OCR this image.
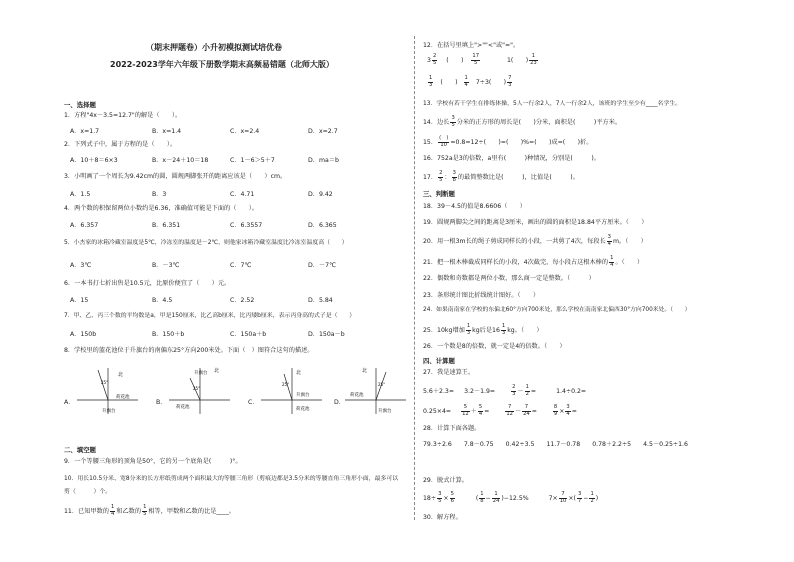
（期末押题卷）小升初模拟测试培优卷
2022-2023学年六年级下册数学期末高频易错题（北师大版）
一、选择题
1．方程"4x－3.5=12.7"的解是（　　）。
A．x=1.7	B．x=1.4	C．x=2.4	D．x=2.7
2．下列式子中，属于方程的是（　　）。
A．10＋8＝6×3	B．x－24＋10＝18	C．1－6＞5＋7	D．ma＝b
3．小明画了一个周长为9.42cm的圆，圆规两脚张开的距离应该是（　　）cm。
A．1.5	B．3	C．4.71	D．9.42
4．两个数的积保留两位小数约是6.36，准确值可能是下面的（　　）。
A．6.357	B．6.351	C．6.3557	D．6.365
5．小杰家的冰箱冷藏室温度是5℃，冷冻室的温度是－2℃，则他家冰箱冷藏室温度比冷冻室温度高（　　）
A．3℃	B．－3℃	C．7℃	D．－7℃
6．一本书打七折出售是10.5元，比原价便宜了（　　）元。
A．15	B．4.5	C．2.52	D．5.84
7．甲、乙、丙三个数的平均数是a，甲是150厘米，比乙高b厘米，比丙矮b厘米，表示丙身高的式子是（　　）
A．150b	B．150＋b	C．150a＋b	D．150a－b
8．学校里的篮花池位于升旗台的南偏东25°方向200米处。下面（　）图符合这句的描述。
A．
北
荷花池
25°
升旗台
B．
升旗台
25°
荷花池
北
C．
北
升旗台
25°
荷花池
D．
北
荷花池
25°
升旗台
二、填空题
9．一个等腰三角形的顶角是50°，它的另一个底角是(　　　)°。
10．用长10.5分米、宽8分米的长方形纸剪成两个面积最大的等腰三角形（剪痕边都是3.5分米的等腰直角三角形小面，最多可以剪（　　　）个。
11．已知甲数的 $\frac{1}{4}$ 和乙数的 $\frac{1}{5}$ 相等，甲数和乙数的比是____。
12．在括号里填上">""<"或"="。
$3 \frac{2}{5}$ (　　) $\frac{17}{5}$	1(　　) $\frac{1}{23}$
$\frac{1}{3}$ (　　) $\frac{1}{4} 7\div 3$(　　) $\frac{7}{3}$
13．学校有若干学生在排练体操，5人一行余2人，7人一行余2人，该班的学生至少有____名学生。
14．边长 $\frac{3}{5}$ 分米的正方形的周长是(　　)分米，面积是(　　　)平方米。
15． $\frac{( )}{10} =0.8=12\div$(　　)=(　　)%=(　　)成=(　　)折。
16．752a是3的倍数，a里有(　　　)种情况，分别是(　　　)。
17． $\frac{2}{5}$ ： $\frac{3}{8}$ 的最简整数比是(　　　)，比值是(　　　)。
三、判断题
18．39－4.5的值是8.6606（　　）
19．圆规两脚尖之间的距离是3厘米，画出的圆的面积是18.84平方厘米。（　　）
20．用一根3m长的绳子剪成同样长的小段，一共剪了4次，每段长 $\frac{3}{4}$ m。（　　）
21．把一根木棒截成同样长的小段，4次截完，每小段占这根木棒的 $\frac{1}{4}$ 。（　　）
22．偶数和奇数都是两位小数，那么商一定是整数。（　　　）
23．条形统计图比折线统计图好。（　　）
24．如果南南家在学校的东偏北60°方向700米处，那么学校在南南家北偏西30°方向700米处。（　　）
25．10kg增加 $\frac{1}{3}$ kg后是$16 \frac{1}{3}$ kg。（　　）
26．一个数是8的倍数，就一定是4的倍数。（　　）
四、计算题
27．我是速算王。
5.6＋2.3= 3.2－1.9=	$\frac{2}{3} - \frac{1}{2}$ =	1.4÷0.2=
$0.25\times 4= \frac{5}{12} + \frac{5}{4}$ =	$\frac{7}{12} - \frac{7}{24}$ =	$\frac{8}{9} \times \frac{3}{4}$ =
28．计算下面各题。
79.3÷2.6 7.8－0.75 0.42÷3.5 11.7－0.78 0.78＋2.2÷5 4.5－0.25÷1.6
29．脱式计算。
$18\div \frac{3}{5} \times \frac{5}{6}$	( $\frac{1}{8} - \frac{1}{24} )-12.5\%$	$7\times \frac{7}{10}$ ×( $\frac{3}{7} - \frac{1}{2}$ )
30．解方程。
